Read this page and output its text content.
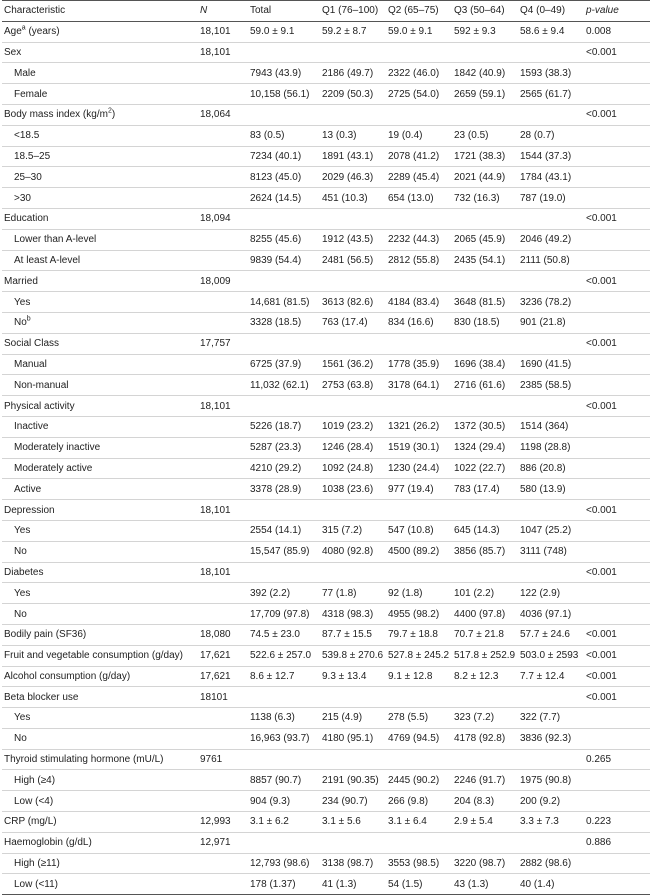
Characteristic	N	Total	Q1 (76–100)	Q2 (65–75)	Q3 (50–64)	Q4 (0–49)	p-value
Age$^a$ (years)	18,101	59.0 ± 9.1	59.2 ± 8.7	59.0 ± 9.1	592 ± 9.3	58.6 ± 9.4	0.008
Sex	18,101						<0.001
Male		7943 (43.9)	2186 (49.7)	2322 (46.0)	1842 (40.9)	1593 (38.3)	
Female		10,158 (56.1)	2209 (50.3)	2725 (54.0)	2659 (59.1)	2565 (61.7)	
Body mass index $(kg/m^2)$	18,064						<0.001
<18.5		83 (0.5)	13 (0.3)	19 (0.4)	23 (0.5)	28 (0.7)	
18.5–25		7234 (40.1)	1891 (43.1)	2078 (41.2)	1721 (38.3)	1544 (37.3)	
25–30		8123 (45.0)	2029 (46.3)	2289 (45.4)	2021 (44.9)	1784 (43.1)	
>30		2624 (14.5)	451 (10.3)	654 (13.0)	732 (16.3)	787 (19.0)	
Education	18,094						<0.001
Lower than A-level		8255 (45.6)	1912 (43.5)	2232 (44.3)	2065 (45.9)	2046 (49.2)	
At least A-level		9839 (54.4)	2481 (56.5)	2812 (55.8)	2435 (54.1)	2111 (50.8)	
Married	18,009						<0.001
Yes		14,681 (81.5)	3613 (82.6)	4184 (83.4)	3648 (81.5)	3236 (78.2)	
No$^b$		3328 (18.5)	763 (17.4)	834 (16.6)	830 (18.5)	901 (21.8)	
Social Class	17,757						<0.001
Manual		6725 (37.9)	1561 (36.2)	1778 (35.9)	1696 (38.4)	1690 (41.5)	
Non-manual		11,032 (62.1)	2753 (63.8)	3178 (64.1)	2716 (61.6)	2385 (58.5)	
Physical activity	18,101						<0.001
Inactive		5226 (18.7)	1019 (23.2)	1321 (26.2)	1372 (30.5)	1514 (364)	
Moderately inactive		5287 (23.3)	1246 (28.4)	1519 (30.1)	1324 (29.4)	1198 (28.8)	
Moderately active		4210 (29.2)	1092 (24.8)	1230 (24.4)	1022 (22.7)	886 (20.8)	
Active		3378 (28.9)	1038 (23.6)	977 (19.4)	783 (17.4)	580 (13.9)	
Depression	18,101						<0.001
Yes		2554 (14.1)	315 (7.2)	547 (10.8)	645 (14.3)	1047 (25.2)	
No		15,547 (85.9)	4080 (92.8)	4500 (89.2)	3856 (85.7)	3111 (748)	
Diabetes	18,101						<0.001
Yes		392 (2.2)	77 (1.8)	92 (1.8)	101 (2.2)	122 (2.9)	
No		17,709 (97.8)	4318 (98.3)	4955 (98.2)	4400 (97.8)	4036 (97.1)	
Bodily pain (SF36)	18,080	74.5 ± 23.0	87.7 ± 15.5	79.7 ± 18.8	70.7 ± 21.8	57.7 ± 24.6	<0.001
Fruit and vegetable consumption (g/day)	17,621	522.6 ± 257.0	539.8 ± 270.6	527.8 ± 245.2	517.8 ± 252.9	503.0 ± 2593	<0.001
Alcohol consumption (g/day)	17,621	8.6 ± 12.7	9.3 ± 13.4	9.1 ± 12.8	8.2 ± 12.3	7.7 ± 12.4	<0.001
Beta blocker use	18101						<0.001
Yes		1138 (6.3)	215 (4.9)	278 (5.5)	323 (7.2)	322 (7.7)	
No		16,963 (93.7)	4180 (95.1)	4769 (94.5)	4178 (92.8)	3836 (92.3)	
Thyroid stimulating hormone (mU/L)	9761						0.265
High (≥4)		8857 (90.7)	2191 (90.35)	2445 (90.2)	2246 (91.7)	1975 (90.8)	
Low (<4)		904 (9.3)	234 (90.7)	266 (9.8)	204 (8.3)	200 (9.2)	
CRP (mg/L)	12,993	3.1 ± 6.2	3.1 ± 5.6	3.1 ± 6.4	2.9 ± 5.4	3.3 ± 7.3	0.223
Haemoglobin (g/dL)	12,971						0.886
High (≥11)		12,793 (98.6)	3138 (98.7)	3553 (98.5)	3220 (98.7)	2882 (98.6)	
Low (<11)		178 (1.37)	41 (1.3)	54 (1.5)	43 (1.3)	40 (1.4)	
